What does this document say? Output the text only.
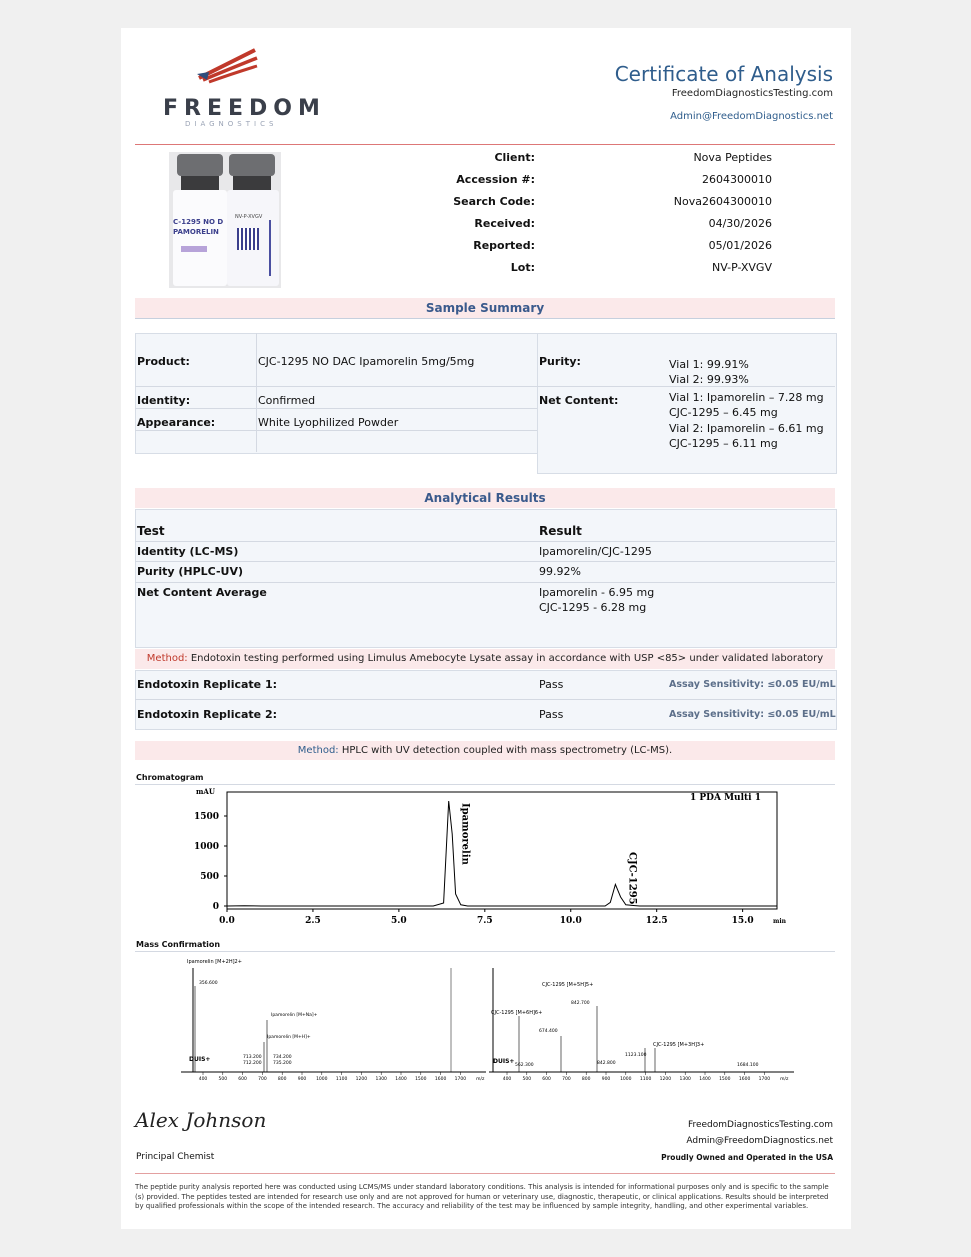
FREEDOM
DIAGNOSTICS
Certificate of Analysis
FreedomDiagnosticsTesting.com
Admin@FreedomDiagnostics.net
C-1295 NO D
PAMORELIN
NV-P-XVGV
Client:	Nova Peptides
Accession #:	2604300010
Search Code:	Nova2604300010
Received:	04/30/2026
Reported:	05/01/2026
Lot:	NV-P-XVGV
Sample Summary
Product:	CJC-1295 NO DAC Ipamorelin 5mg/5mg
Identity:	Confirmed
Appearance:	White Lyophilized Powder
Purity:	Vial 1: 99.91%
Vial 2: 99.93%
Net Content:	Vial 1: Ipamorelin – 7.28 mg
CJC-1295 – 6.45 mg
Vial 2: Ipamorelin – 6.61 mg
CJC-1295 – 6.11 mg
Analytical Results
Test	Result
Identity (LC-MS)	Ipamorelin/CJC-1295
Purity (HPLC-UV)	99.92%
Net Content Average	Ipamorelin - 6.95 mg
CJC-1295 - 6.28 mg
Method: Endotoxin testing performed using Limulus Amebocyte Lysate assay in accordance with USP <85> under validated laboratory
Endotoxin Replicate 1:	Pass	Assay Sensitivity: ≤0.05 EU/mL
Endotoxin Replicate 2:	Pass	Assay Sensitivity: ≤0.05 EU/mL
Method: HPLC with UV detection coupled with mass spectrometry (LC-MS).
Chromatogram
mAU
1 PDA Multi 1
min
0.0	2.5	5.0	7.5	10.0	12.5	15.0
0
500
1000
1500	Ipamorelin
CJC-1295
Mass Confirmation
Ipamorelin [M+2H]2+
356.600
Ipamorelin [M+Na]+
Ipamorelin [M+H]+
713.200
712.200
734.200
735.200
DUIS+
400 500 600 700 800 900 1000 1100 1200 1300 1400 1500 1600 1700 m/z
CJC-1295 [M+5H]5+
842.700
CJC-1295 [M+6H]6+
674.400
562.300	842.800
1123.100
CJC-1295 [M+3H]3+
1684.100
DUIS+
400 500 600 700 800 900 1000 1100 1200 1300 1400 1500 1600 1700 m/z
Alex Johnson
Principal Chemist
FreedomDiagnosticsTesting.com
Admin@FreedomDiagnostics.net
Proudly Owned and Operated in the USA
The peptide purity analysis reported here was conducted using LCMS/MS under standard laboratory conditions. This analysis is intended for informational purposes only and is specific to the sample (s) provided. The peptides tested are intended for research use only and are not approved for human or veterinary use, diagnostic, therapeutic, or clinical applications. Results should be interpreted by qualified professionals within the scope of the intended research. The accuracy and reliability of the test may be influenced by sample integrity, handling, and other experimental variables.
